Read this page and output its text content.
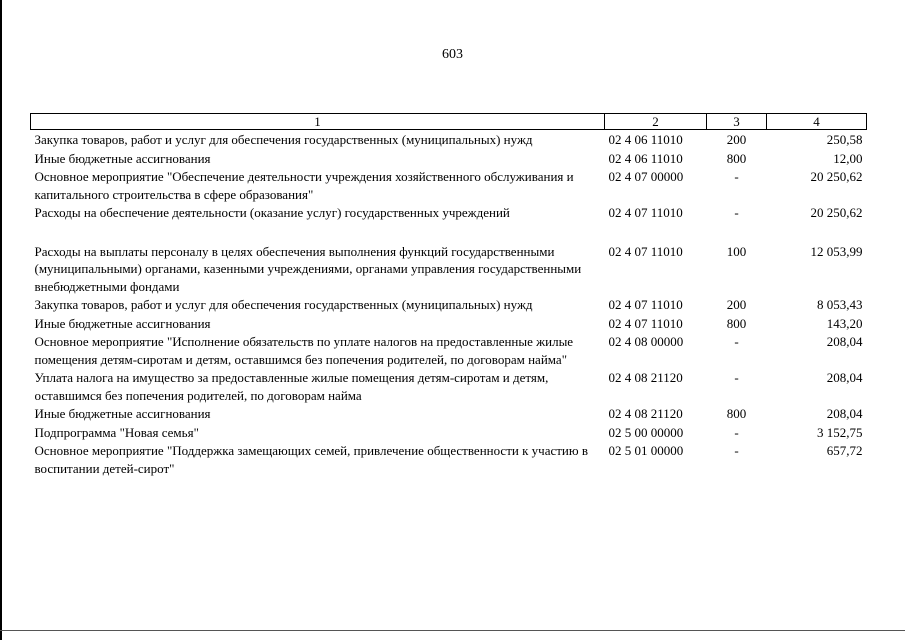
603
1	2	3	4
Закупка товаров, работ и услуг для обеспечения государственных (муниципальных) нужд	02 4 06 11010	200	250,58
Иные бюджетные ассигнования	02 4 06 11010	800	12,00
Основное мероприятие "Обеспечение деятельности учреждения хозяйственного обслуживания и капитального строительства в сфере образования"	02 4 07 00000	-	20 250,62
Расходы на обеспечение деятельности (оказание услуг) государственных учреждений	02 4 07 11010	-	20 250,62
Расходы на выплаты персоналу в целях обеспечения выполнения функций государственными (муниципальными) органами, казенными учреждениями, органами управления государственными внебюджетными фондами	02 4 07 11010	100	12 053,99
Закупка товаров, работ и услуг для обеспечения государственных (муниципальных) нужд	02 4 07 11010	200	8 053,43
Иные бюджетные ассигнования	02 4 07 11010	800	143,20
Основное мероприятие "Исполнение обязательств по уплате налогов на предоставленные жилые помещения детям-сиротам и детям, оставшимся без попечения родителей, по договорам найма"	02 4 08 00000	-	208,04
Уплата налога на имущество за предоставленные жилые помещения детям-сиротам и детям, оставшимся без попечения родителей, по договорам найма	02 4 08 21120	-	208,04
Иные бюджетные ассигнования	02 4 08 21120	800	208,04
Подпрограмма "Новая семья"	02 5 00 00000	-	3 152,75
Основное мероприятие "Поддержка замещающих семей, привлечение общественности к участию в воспитании детей-сирот"	02 5 01 00000	-	657,72
